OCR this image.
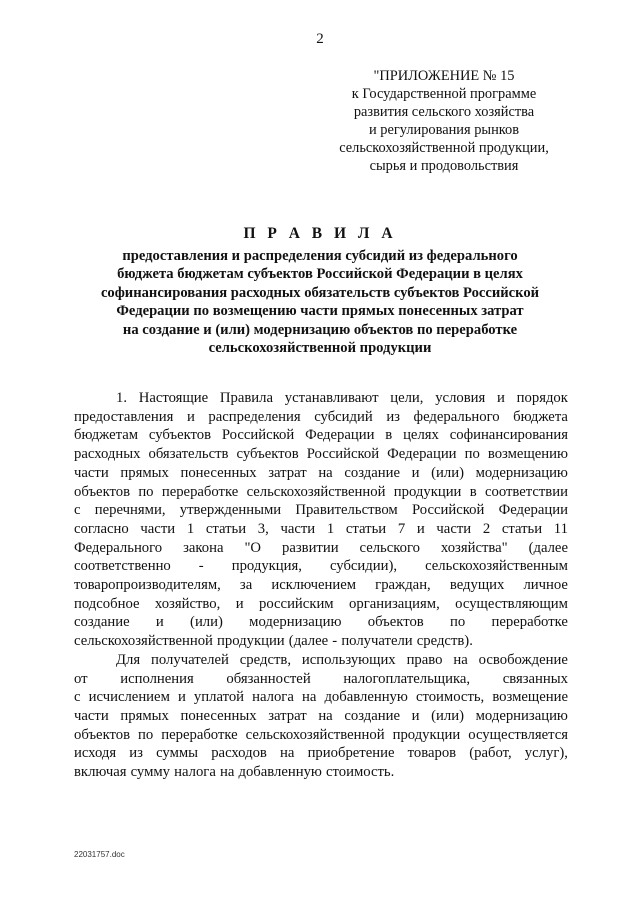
2
"ПРИЛОЖЕНИЕ № 15
к Государственной программе
развития сельского хозяйства
и регулирования рынков
сельскохозяйственной продукции,
сырья и продовольствия
П Р А В И Л А
предоставления и распределения субсидий из федерального
бюджета бюджетам субъектов Российской Федерации в целях
софинансирования расходных обязательств субъектов Российской
Федерации по возмещению части прямых понесенных затрат
на создание и (или) модернизацию объектов по переработке
сельскохозяйственной продукции
1. Настоящие Правила устанавливают цели, условия и порядок
предоставления и распределения субсидий из федерального бюджета
бюджетам субъектов Российской Федерации в целях софинансирования
расходных обязательств субъектов Российской Федерации по возмещению
части прямых понесенных затрат на создание и (или) модернизацию
объектов по переработке сельскохозяйственной продукции в соответствии
с перечнями, утвержденными Правительством Российской Федерации
согласно части 1 статьи 3, части 1 статьи 7 и части 2 статьи 11
Федерального закона "О развитии сельского хозяйства" (далее
соответственно - продукция, субсидии), сельскохозяйственным
товаропроизводителям, за исключением граждан, ведущих личное
подсобное хозяйство, и российским организациям, осуществляющим
создание и (или) модернизацию объектов по переработке
сельскохозяйственной продукции (далее - получатели средств).
Для получателей средств, использующих право на освобождение
от исполнения обязанностей налогоплательщика, связанных
с исчислением и уплатой налога на добавленную стоимость, возмещение
части прямых понесенных затрат на создание и (или) модернизацию
объектов по переработке сельскохозяйственной продукции осуществляется
исходя из суммы расходов на приобретение товаров (работ, услуг),
включая сумму налога на добавленную стоимость.
22031757.doc
